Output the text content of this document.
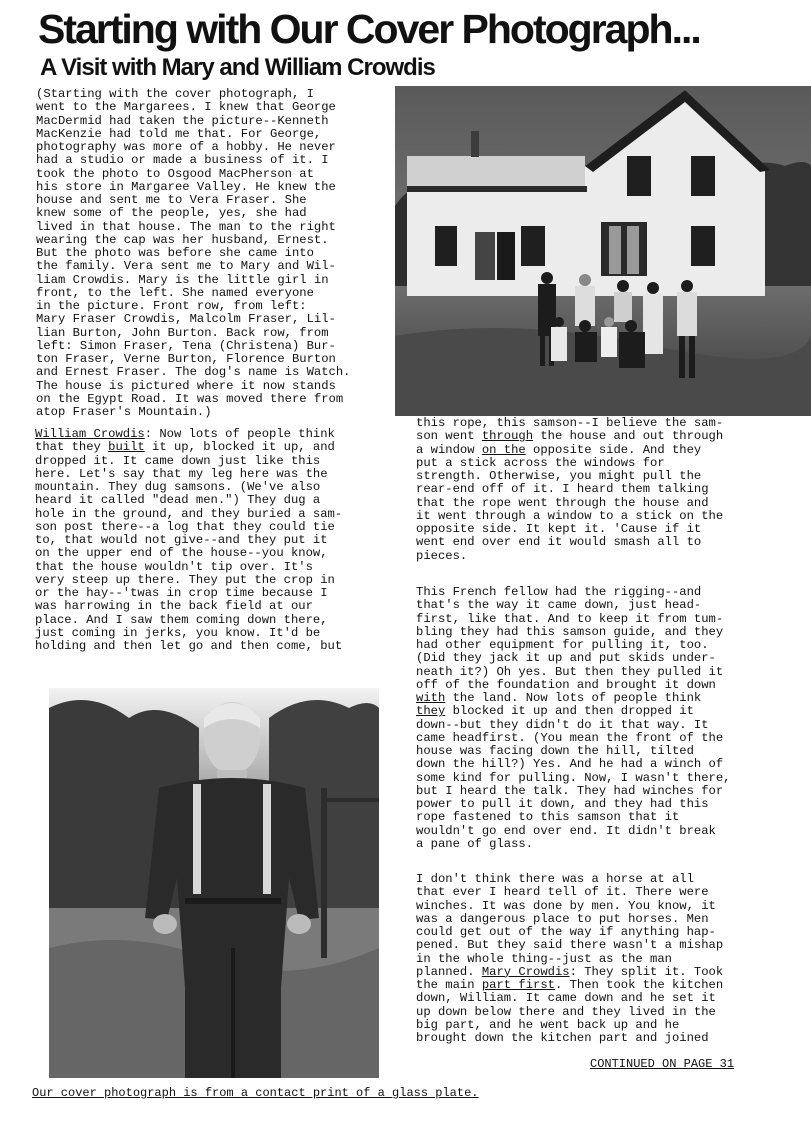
Starting with Our Cover Photograph...
A Visit with Mary and William Crowdis
(Starting with the cover photograph, I
went to the Margarees. I knew that George
MacDermid had taken the picture--Kenneth
MacKenzie had told me that. For George,
photography was more of a hobby. He never
had a studio or made a business of it. I
took the photo to Osgood MacPherson at
his store in Margaree Valley. He knew the
house and sent me to Vera Fraser. She
knew some of the people, yes, she had
lived in that house. The man to the right
wearing the cap was her husband, Ernest.
But the photo was before she came into
the family. Vera sent me to Mary and Wil-
liam Crowdis. Mary is the little girl in
front, to the left. She named everyone
in the picture. Front row, from left:
Mary Fraser Crowdis, Malcolm Fraser, Lil-
lian Burton, John Burton. Back row, from
left: Simon Fraser, Tena (Christena) Bur-
ton Fraser, Verne Burton, Florence Burton
and Ernest Fraser. The dog's name is Watch.
The house is pictured where it now stands
on the Egypt Road. It was moved there from
atop Fraser's Mountain.)
William Crowdis: Now lots of people think
that they built it up, blocked it up, and
dropped it. It came down just like this
here. Let's say that my leg here was the
mountain. They dug samsons. (We've also
heard it called "dead men.") They dug a
hole in the ground, and they buried a sam-
son post there--a log that they could tie
to, that would not give--and they put it
on the upper end of the house--you know,
that the house wouldn't tip over. It's
very steep up there. They put the crop in
or the hay--'twas in crop time because I
was harrowing in the back field at our
place. And I saw them coming down there,
just coming in jerks, you know. It'd be
holding and then let go and then come, but
this rope, this samson--I believe the sam-
son went through the house and out through
a window on the opposite side. And they
put a stick across the windows for
strength. Otherwise, you might pull the
rear-end off of it. I heard them talking
that the rope went through the house and
it went through a window to a stick on the
opposite side. It kept it. 'Cause if it
went end over end it would smash all to
pieces.
This French fellow had the rigging--and
that's the way it came down, just head-
first, like that. And to keep it from tum-
bling they had this samson guide, and they
had other equipment for pulling it, too.
(Did they jack it up and put skids under-
neath it?) Oh yes. But then they pulled it
off of the foundation and brought it down
with the land. Now lots of people think
they blocked it up and then dropped it
down--but they didn't do it that way. It
came headfirst. (You mean the front of the
house was facing down the hill, tilted
down the hill?) Yes. And he had a winch of
some kind for pulling. Now, I wasn't there,
but I heard the talk. They had winches for
power to pull it down, and they had this
rope fastened to this samson that it
wouldn't go end over end. It didn't break
a pane of glass.
I don't think there was a horse at all
that ever I heard tell of it. There were
winches. It was done by men. You know, it
was a dangerous place to put horses. Men
could get out of the way if anything hap-
pened. But they said there wasn't a mishap
in the whole thing--just as the man
planned. Mary Crowdis: They split it. Took
the main part first. Then took the kitchen
down, William. It came down and he set it
up down below there and they lived in the
big part, and he went back up and he
brought down the kitchen part and joined
CONTINUED ON PAGE 31
Our cover photograph is from a contact print of a glass plate.
